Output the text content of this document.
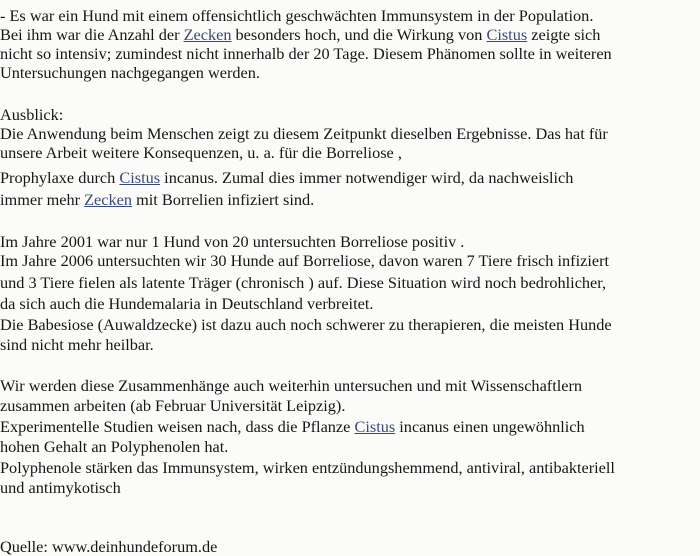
- Es war ein Hund mit einem offensichtlich geschwächten Immunsystem in der Population.
Bei ihm war die Anzahl der Zecken besonders hoch, und die Wirkung von Cistus zeigte sich
nicht so intensiv; zumindest nicht innerhalb der 20 Tage. Diesem Phänomen sollte in weiteren
Untersuchungen nachgegangen werden.
Ausblick:
Die Anwendung beim Menschen zeigt zu diesem Zeitpunkt dieselben Ergebnisse. Das hat für
unsere Arbeit weitere Konsequenzen, u. a. für die Borreliose ,
Prophylaxe durch Cistus incanus. Zumal dies immer notwendiger wird, da nachweislich
immer mehr Zecken mit Borrelien infiziert sind.
Im Jahre 2001 war nur 1 Hund von 20 untersuchten Borreliose positiv .
Im Jahre 2006 untersuchten wir 30 Hunde auf Borreliose, davon waren 7 Tiere frisch infiziert
und 3 Tiere fielen als latente Träger (chronisch ) auf. Diese Situation wird noch bedrohlicher,
da sich auch die Hundemalaria in Deutschland verbreitet.
Die Babesiose (Auwaldzecke) ist dazu auch noch schwerer zu therapieren, die meisten Hunde
sind nicht mehr heilbar.
Wir werden diese Zusammenhänge auch weiterhin untersuchen und mit Wissenschaftlern
zusammen arbeiten (ab Februar Universität Leipzig).
Experimentelle Studien weisen nach, dass die Pflanze Cistus incanus einen ungewöhnlich
hohen Gehalt an Polyphenolen hat.
Polyphenole stärken das Immunsystem, wirken entzündungshemmend, antiviral, antibakteriell
und antimykotisch
Quelle: www.deinhundeforum.de
